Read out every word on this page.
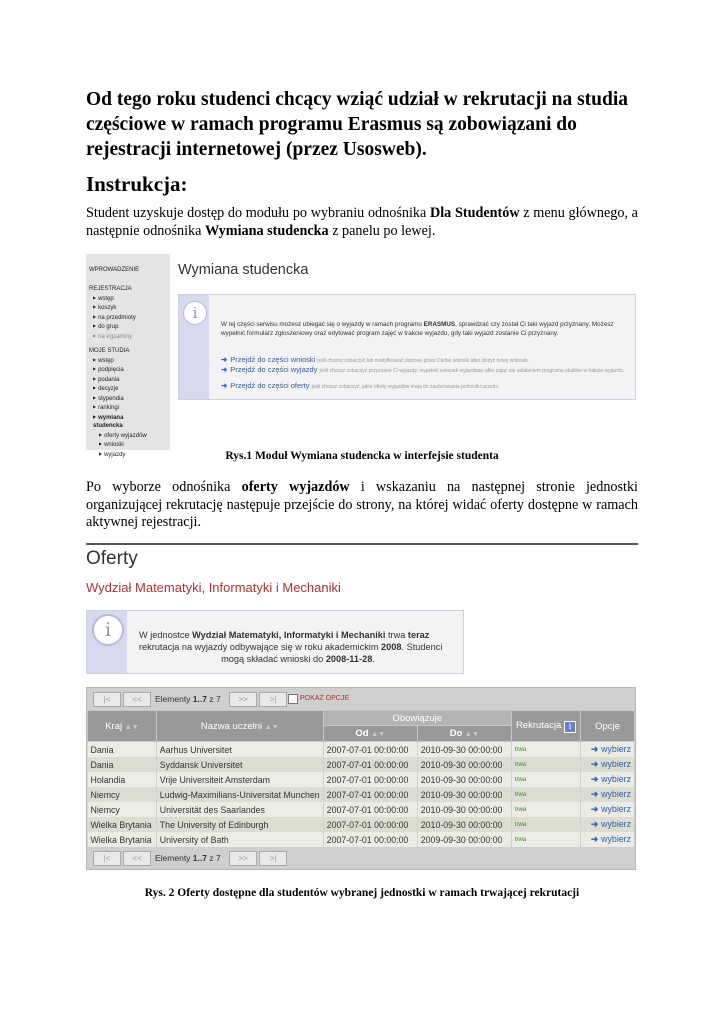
Od tego roku studenci chcący wziąć udział w rekrutacji na studia częściowe w ramach programu Erasmus są zobowiązani do rejestracji internetowej (przez Usosweb).
Instrukcja:

Student uzyskuje dostęp do modułu po wybraniu odnośnika Dla Studentów z menu głównego, a następnie odnośnika Wymiana studencka z panelu po lewej.

WPROWADZENIE
REJESTRACJA
▶ wstęp
▶ koszyk
▶ na przedmioty
▶ do grup
▶ na egzaminy
MOJE STUDIA
▶ wstęp
▶ podpięcia
▶ podania
▶ decyzje
▶ stypendia
▶ rankingi
▶ wymiana studencka
▶ oferty wyjazdów
▶ wnioski
▶ wyjazdy
Wymiana studencka
i
W tej części serwisu możesz ubiegać się o wyjazdy w ramach programu ERASMUS, sprawdzać czy został Ci taki wyjazd przyznany. Możesz wypełnić formularz zgłoszeniowy oraz edytować program zajęć w trakcie wyjazdu, gdy taki wyjazd zostanie Ci przyznany.
➜ Przejdź do części wnioski jeśli chcesz zobaczyć lub modyfikować złożone przez Ciebie wnioski albo złożyć nowy wniosek.
➜ Przejdź do części wyjazdy jeśli chcesz zobaczyć przyznane Ci wyjazdy, wypełnić wniosek wyjazdowy albo zająć się ustalaniem programu studiów w trakcie wyjazdu.
➜ Przejdź do części oferty jeśli chcesz zobaczyć, jakie oferty wyjazdów mają do zaoferowania jednostki uczelni.

Rys.1 Moduł Wymiana studencka w interfejsie studenta

Po wyborze odnośnika oferty wyjazdów i wskazaniu na następnej stronie jednostki organizującej rekrutację następuje przejście do strony, na której widać oferty dostępne w ramach aktywnej rejestracji.

Oferty
Wydział Matematyki, Informatyki i Mechaniki
i	W jednostce Wydział Matematyki, Informatyki i Mechaniki trwa teraz rekrutacja na wyjazdy odbywające się w roku akademickim 2008. Studenci
mogą składać wnioski do 2008-11-28.
|<	<<	Elementy 1..7 z 7	>>	>|	POKAŻ OPCJE
Kraj ▲▼	Nazwa uczelni ▲▼	Obowiązuje		Rekrutacja i	Opcje
		Od ▲▼	Do ▲▼		
Dania	Aarhus Universitet	2007-07-01 00:00:00	2010-09-30 00:00:00	trwa	➜ wybierz
Dania	Syddansk Universitet	2007-07-01 00:00:00	2010-09-30 00:00:00	trwa	➜ wybierz
Holandia	Vrije Universiteit Amsterdam	2007-07-01 00:00:00	2010-09-30 00:00:00	trwa	➜ wybierz
Niemcy	Ludwig-Maximilians-Universitat Munchen	2007-07-01 00:00:00	2010-09-30 00:00:00	trwa	➜ wybierz
Niemcy	Universität des Saarlandes	2007-07-01 00:00:00	2010-09-30 00:00:00	trwa	➜ wybierz
Wielka Brytania	The University of Edinburgh	2007-07-01 00:00:00	2010-09-30 00:00:00	trwa	➜ wybierz
Wielka Brytania	University of Bath	2007-07-01 00:00:00	2009-09-30 00:00:00	trwa	➜ wybierz
|<	<<	Elementy 1..7 z 7	>>	>|

Rys. 2 Oferty dostępne dla studentów wybranej jednostki w ramach trwającej rekrutacji
